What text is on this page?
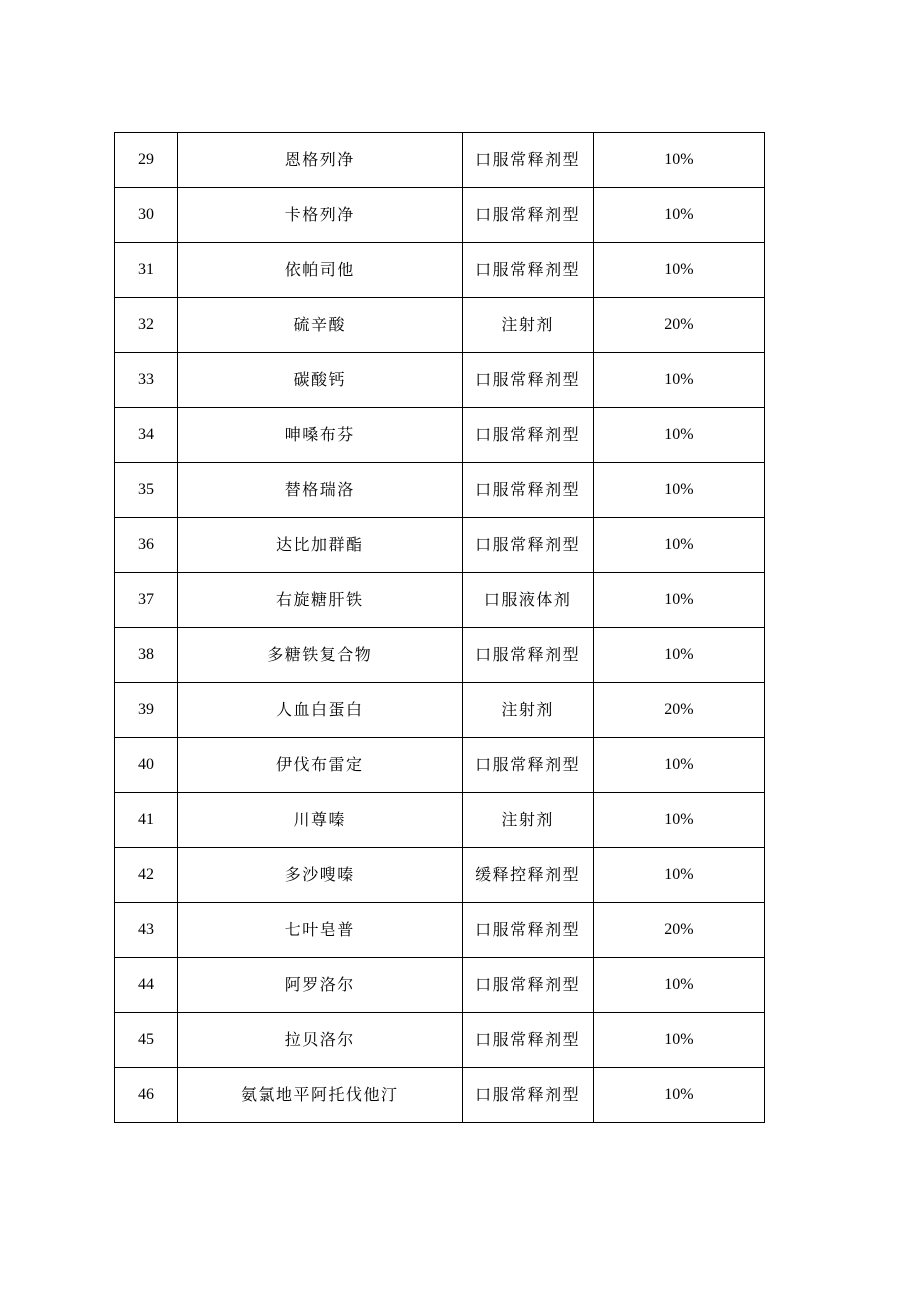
29	恩格列净	口服常释剂型	10%
30	卡格列净	口服常释剂型	10%
31	依帕司他	口服常释剂型	10%
32	硫辛酸	注射剂	20%
33	碳酸钙	口服常释剂型	10%
34	呻嗓布芬	口服常释剂型	10%
35	替格瑞洛	口服常释剂型	10%
36	达比加群酯	口服常释剂型	10%
37	右旋糖肝铁	口服液体剂	10%
38	多糖铁复合物	口服常释剂型	10%
39	人血白蛋白	注射剂	20%
40	伊伐布雷定	口服常释剂型	10%
41	川尊嗪	注射剂	10%
42	多沙嗖嗪	缓释控释剂型	10%
43	七叶皂普	口服常释剂型	20%
44	阿罗洛尔	口服常释剂型	10%
45	拉贝洛尔	口服常释剂型	10%
46	氨氯地平阿托伐他汀	口服常释剂型	10%
